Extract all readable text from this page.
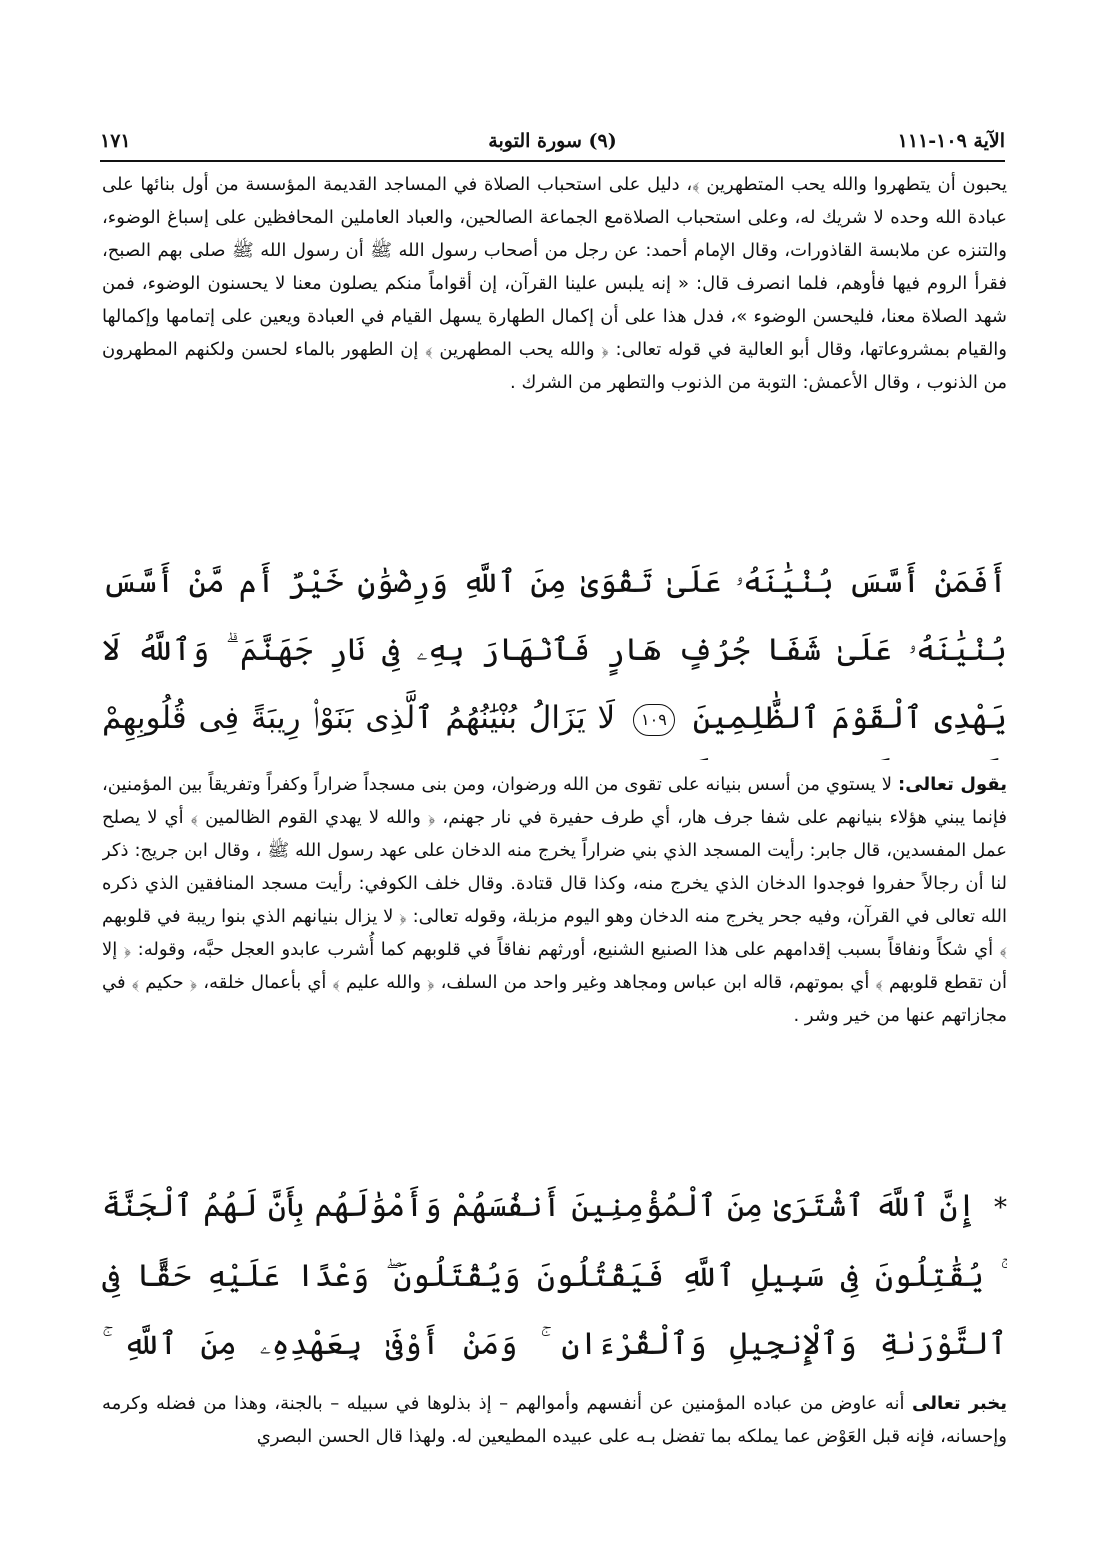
الآية ١٠٩-١١١
(٩) سورة التوبة
١٧١
يحبون أن يتطهروا والله يحب المتطهرين ﴾، دليل على استحباب الصلاة في المساجد القديمة المؤسسة من أول بنائها على عبادة الله وحده لا شريك له، وعلى استحباب الصلاةمع الجماعة الصالحين، والعباد العاملين المحافظين على إسباغ الوضوء، والتنزه عن ملابسة القاذورات، وقال الإمام أحمد: عن رجل من أصحاب رسول الله ﷺ أن رسول الله ﷺ صلى بهم الصبح، فقرأ الروم فيها فأوهم، فلما انصرف قال: « إنه يلبس علينا القرآن، إن أقواماً منكم يصلون معنا لا يحسنون الوضوء، فمن شهد الصلاة معنا، فليحسن الوضوء »، فدل هذا على أن إكمال الطهارة يسهل القيام في العبادة ويعين على إتمامها وإكمالها والقيام بمشروعاتها، وقال أبو العالية في قوله تعالى: ﴿ والله يحب المطهرين ﴾ إن الطهور بالماء لحسن ولكنهم المطهرون من الذنوب ، وقال الأعمش: التوبة من الذنوب والتطهر من الشرك .
أَفَمَنْ أَسَّسَ بُنْيَٰنَهُۥ عَلَىٰ تَقْوَىٰ مِنَ ٱللَّهِ وَرِضْوَٰنٍ خَيْرٌ أَم مَّنْ أَسَّسَ بُنْيَٰنَهُۥ عَلَىٰ شَفَا جُرُفٍ هَارٍ فَٱنْهَارَ بِهِۦ فِى نَارِ جَهَنَّمَ ۗ وَٱللَّهُ لَا يَهْدِى ٱلْقَوْمَ ٱلظَّٰلِمِينَ ١٠٩ لَا يَزَالُ بُنْيَٰنُهُمُ ٱلَّذِى بَنَوْا۟ رِيبَةً فِى قُلُوبِهِمْ
يقول تعالى: لا يستوي من أسس بنيانه على تقوى من الله ورضوان، ومن بنى مسجداً ضراراً وكفراً وتفريقاً بين المؤمنين، فإنما يبني هؤلاء بنيانهم على شفا جرف هار، أي طرف حفيرة في نار جهنم، ﴿ والله لا يهدي القوم الظالمين ﴾ أي لا يصلح عمل المفسدين، قال جابر: رأيت المسجد الذي بني ضراراً يخرج منه الدخان على عهد رسول الله ﷺ ، وقال ابن جريج: ذكر لنا أن رجالاً حفروا فوجدوا الدخان الذي يخرج منه، وكذا قال قتادة. وقال خلف الكوفي: رأيت مسجد المنافقين الذي ذكره الله تعالى في القرآن، وفيه جحر يخرج منه الدخان وهو اليوم مزبلة، وقوله تعالى: ﴿ لا يزال بنيانهم الذي بنوا ريبة في قلوبهم ﴾ أي شكاً ونفاقاً بسبب إقدامهم على هذا الصنيع الشنيع، أورثهم نفاقاً في قلوبهم كما أُشرب عابدو العجل حبَّه، وقوله: ﴿ إلا أن تقطع قلوبهم ﴾ أي بموتهم، قاله ابن عباس ومجاهد وغير واحد من السلف، ﴿ والله عليم ﴾ أي بأعمال خلقه، ﴿ حكيم ﴾ في مجازاتهم عنها من خير وشر .
* إِنَّ ٱللَّهَ ٱشْتَرَىٰ مِنَ ٱلْمُؤْمِنِينَ أَنفُسَهُمْ وَأَمْوَٰلَهُم بِأَنَّ لَهُمُ ٱلْجَنَّةَ ۚ يُقَٰتِلُونَ فِى سَبِيلِ ٱللَّهِ فَيَقْتُلُونَ وَيُقْتَلُونَ ۖ وَعْدًا عَلَيْهِ حَقًّا فِى ٱلتَّوْرَىٰةِ وَٱلْإِنجِيلِ وَٱلْقُرْءَانِ ۚ وَمَنْ أَوْفَىٰ بِعَهْدِهِۦ مِنَ ٱللَّهِ ۚ
يخبر تعالى أنه عاوض من عباده المؤمنين عن أنفسهم وأموالهم – إذ بذلوها في سبيله – بالجنة، وهذا من فضله وكرمه وإحسانه، فإنه قبل العَوْض عما يملكه بما تفضل بـه على عبيده المطيعين له. ولهذا قال الحسن البصري
